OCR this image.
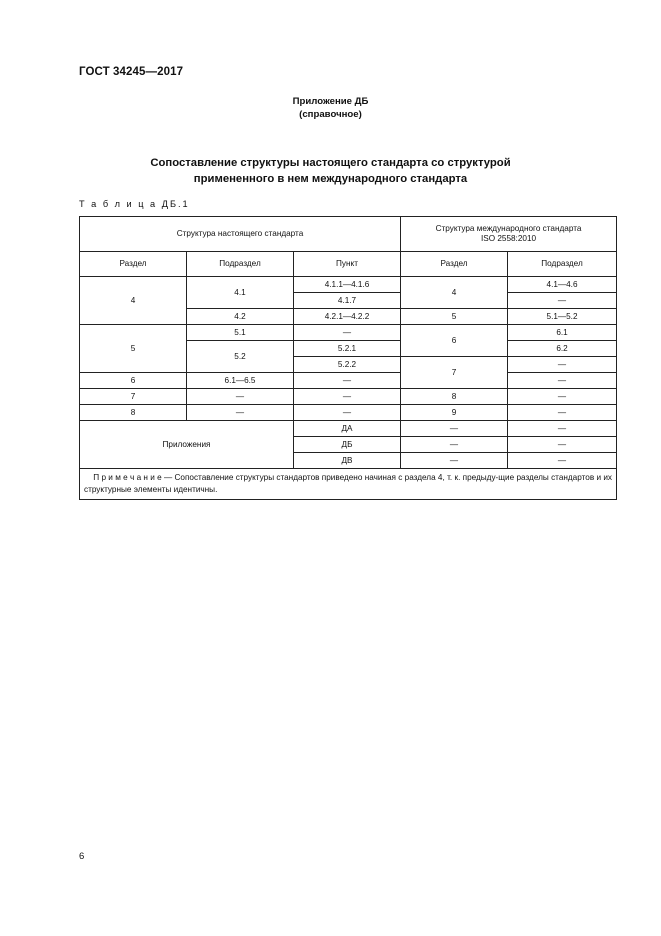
ГОСТ 34245—2017
Приложение ДБ
(справочное)
Сопоставление структуры настоящего стандарта со структурой
примененного в нем международного стандарта
Т а б л и ц а ДБ.1
Структура настоящего стандарта			Структура международного стандарта
ISO 2558:2010	

Раздел	Подраздел	Пункт	Раздел	Подраздел
4	4.1	4.1.1—4.1.6	4	4.1—4.6
		4.1.7		—
	4.2	4.2.1—4.2.2	5	5.1—5.2
5	5.1	—	6	6.1
	5.2	5.2.1		6.2
		5.2.2	7	—
6	6.1—6.5	—		—
7	—	—	8	—
8	—	—	9	—
Приложения		ДА	—	—
		ДБ	—	—
		ДВ	—	—
П р и м е ч а н и е — Сопоставление структуры стандартов приведено начиная с раздела 4, т. к. предыду-щие разделы стандартов и их структурные элементы идентичны.				
6
